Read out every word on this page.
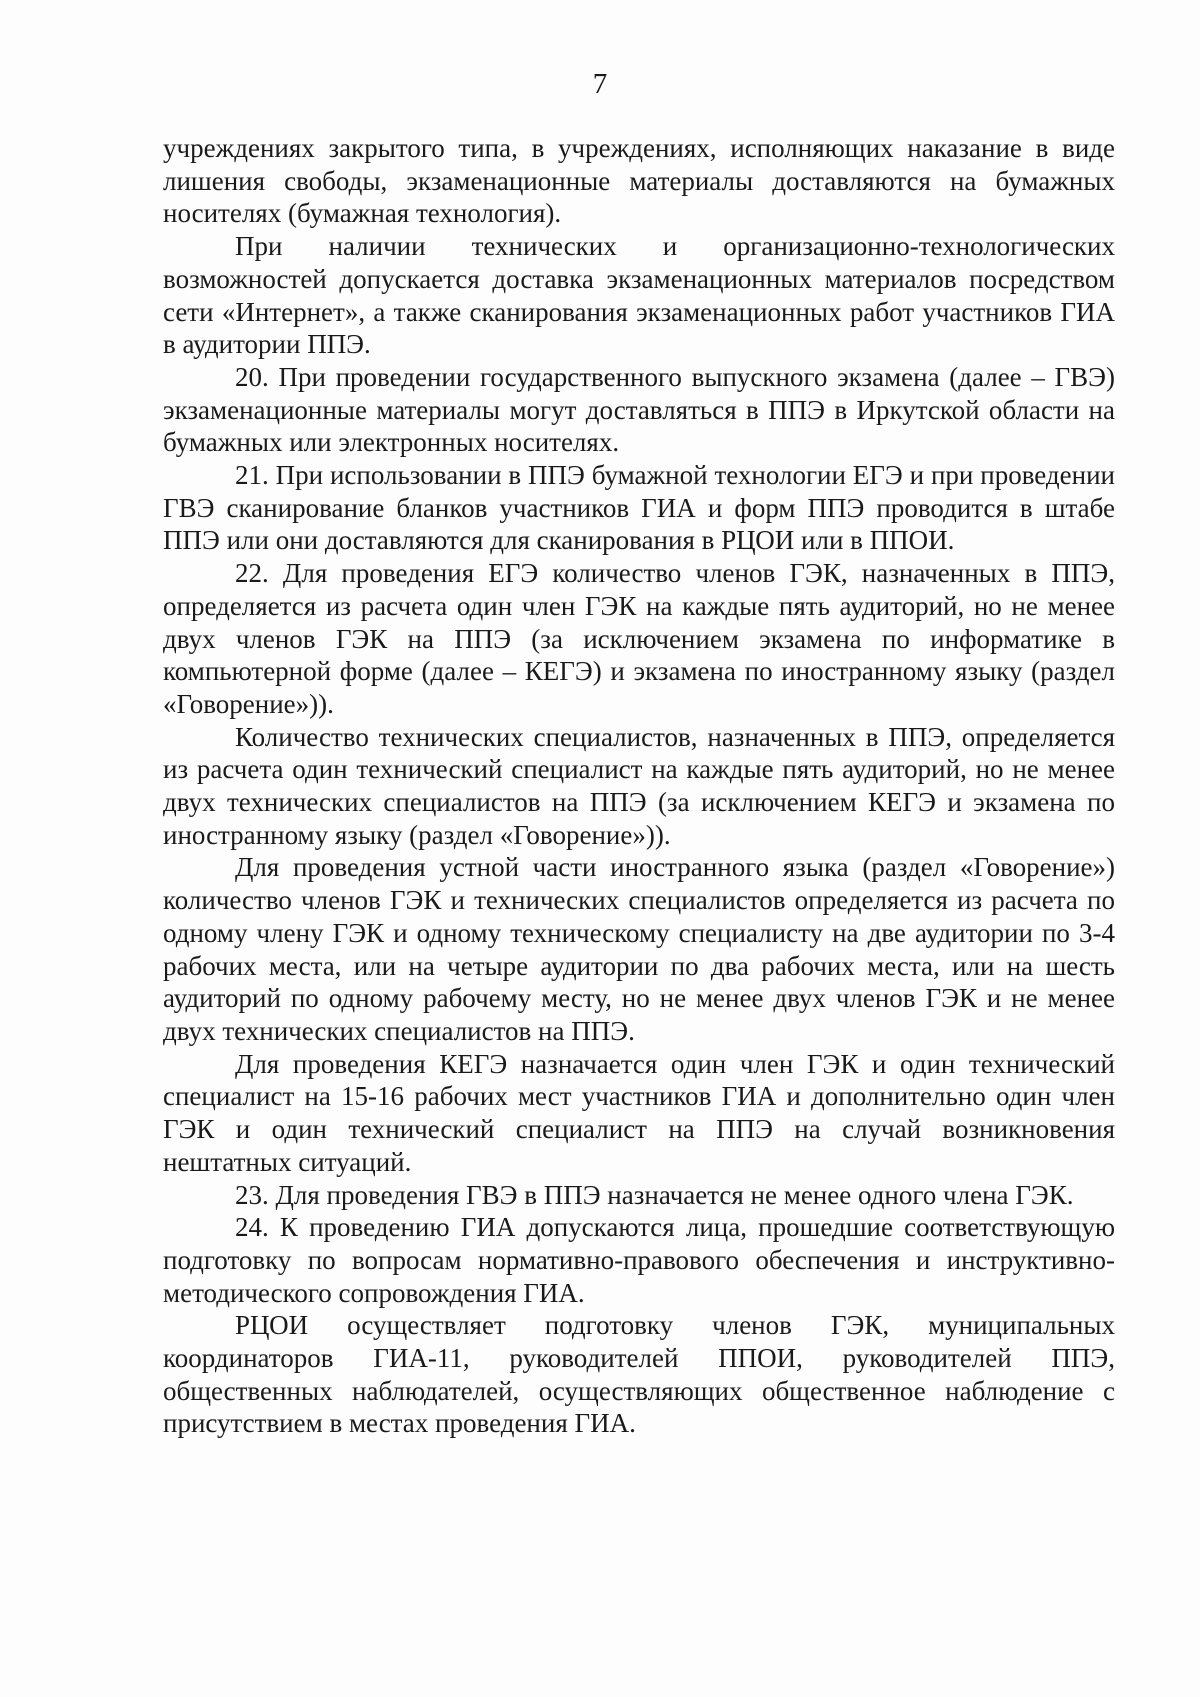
7

учреждениях закрытого типа, в учреждениях, исполняющих наказание в виде лишения свободы, экзаменационные материалы доставляются на бумажных носителях (бумажная технология).

При наличии технических и организационно-технологических возможностей допускается доставка экзаменационных материалов посредством сети «Интернет», а также сканирования экзаменационных работ участников ГИА в аудитории ППЭ.

20. При проведении государственного выпускного экзамена (далее – ГВЭ) экзаменационные материалы могут доставляться в ППЭ в Иркутской области на бумажных или электронных носителях.

21. При использовании в ППЭ бумажной технологии ЕГЭ и при проведении ГВЭ сканирование бланков участников ГИА и форм ППЭ проводится в штабе ППЭ или они доставляются для сканирования в РЦОИ или в ППОИ.

22. Для проведения ЕГЭ количество членов ГЭК, назначенных в ППЭ, определяется из расчета один член ГЭК на каждые пять аудиторий, но не менее двух членов ГЭК на ППЭ (за исключением экзамена по информатике в компьютерной форме (далее – КЕГЭ) и экзамена по иностранному языку (раздел «Говорение»)).

Количество технических специалистов, назначенных в ППЭ, определяется из расчета один технический специалист на каждые пять аудиторий, но не менее двух технических специалистов на ППЭ (за исключением КЕГЭ и экзамена по иностранному языку (раздел «Говорение»)).

Для проведения устной части иностранного языка (раздел «Говорение») количество членов ГЭК и технических специалистов определяется из расчета по одному члену ГЭК и одному техническому специалисту на две аудитории по 3-4 рабочих места, или на четыре аудитории по два рабочих места, или на шесть аудиторий по одному рабочему месту, но не менее двух членов ГЭК и не менее двух технических специалистов на ППЭ.

Для проведения КЕГЭ назначается один член ГЭК и один технический специалист на 15-16 рабочих мест участников ГИА и дополнительно один член ГЭК и один технический специалист на ППЭ на случай возникновения нештатных ситуаций.

23. Для проведения ГВЭ в ППЭ назначается не менее одного члена ГЭК.

24. К проведению ГИА допускаются лица, прошедшие соответствующую подготовку по вопросам нормативно-правового обеспечения и инструктивно-методического сопровождения ГИА.

РЦОИ осуществляет подготовку членов ГЭК, муниципальных координаторов ГИА-11, руководителей ППОИ, руководителей ППЭ, общественных наблюдателей, осуществляющих общественное наблюдение с присутствием в местах проведения ГИА.
